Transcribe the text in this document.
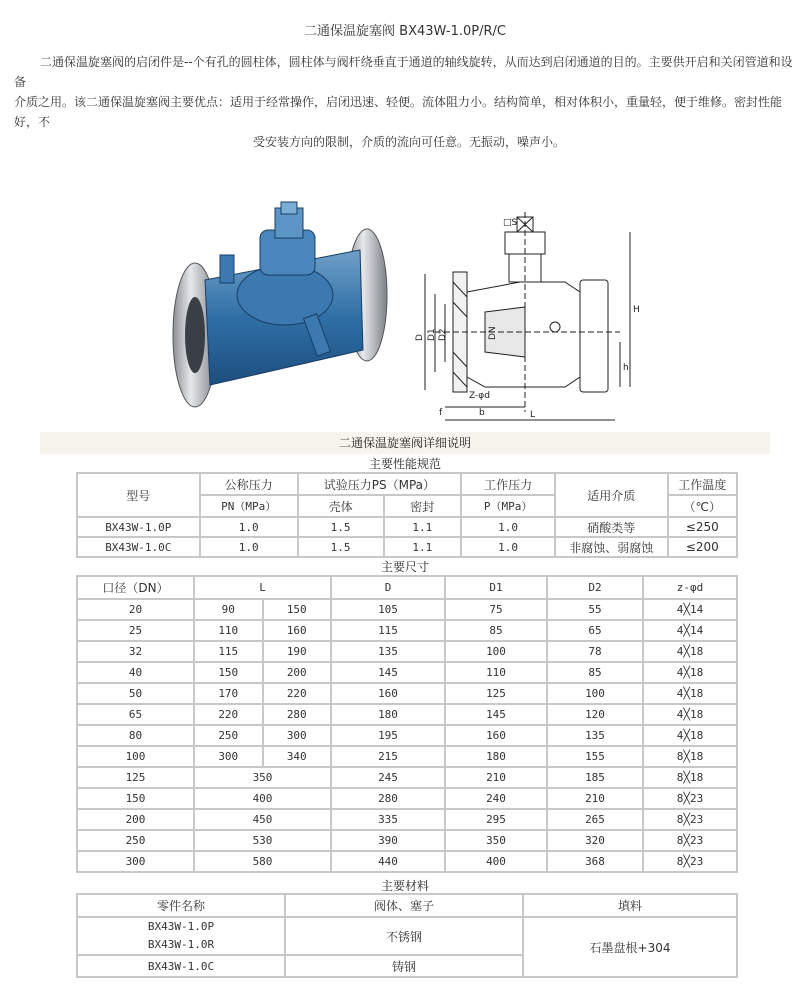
二通保温旋塞阀 BX43W-1.0P/R/C
二通保温旋塞阀的启闭件是--个有孔的圆柱体，圆柱体与阀杆绕垂直于通道的轴线旋转，从而达到启闭通道的目的。主要供开启和关闭管道和设备
介质之用。该二通保温旋塞阀主要优点：适用于经常操作，启闭迅速、轻便。流体阻力小。结构简单，相对体积小，重量轻，便于维修。密封性能好，不

受安装方向的限制，介质的流向可任意。无振动，噪声小。
□S
H
h
D D1 D2	DN
Z-φd
f	b	L
二通保温旋塞阀详细说明
主要性能规范
型号	公称压力	试验压力PS（MPa）		工作压力	适用介质	工作温度
	PN（MPa）	壳体	密封	P（MPa）		（℃）
BX43W-1.0P	1.0	1.5	1.1	1.0	硝酸类等	≤250
BX43W-1.0C	1.0	1.5	1.1	1.0	非腐蚀、弱腐蚀	≤200
主要尺寸
口径（DN）	L		D	D1	D2	z-φd
20	90	150	105	75	55	4╳14
25	110	160	115	85	65	4╳14
32	115	190	135	100	78	4╳18
40	150	200	145	110	85	4╳18
50	170	220	160	125	100	4╳18
65	220	280	180	145	120	4╳18
80	250	300	195	160	135	4╳18
100	300	340	215	180	155	8╳18
125	350		245	210	185	8╳18
150	400		280	240	210	8╳23
200	450		335	295	265	8╳23
250	530		390	350	320	8╳23
300	580		440	400	368	8╳23
主要材料
零件名称	阀体、塞子	填料

BX43W-1.0P
BX43W-1.0R	不锈钢	石墨盘根+304
BX43W-1.0C	铸钢	
